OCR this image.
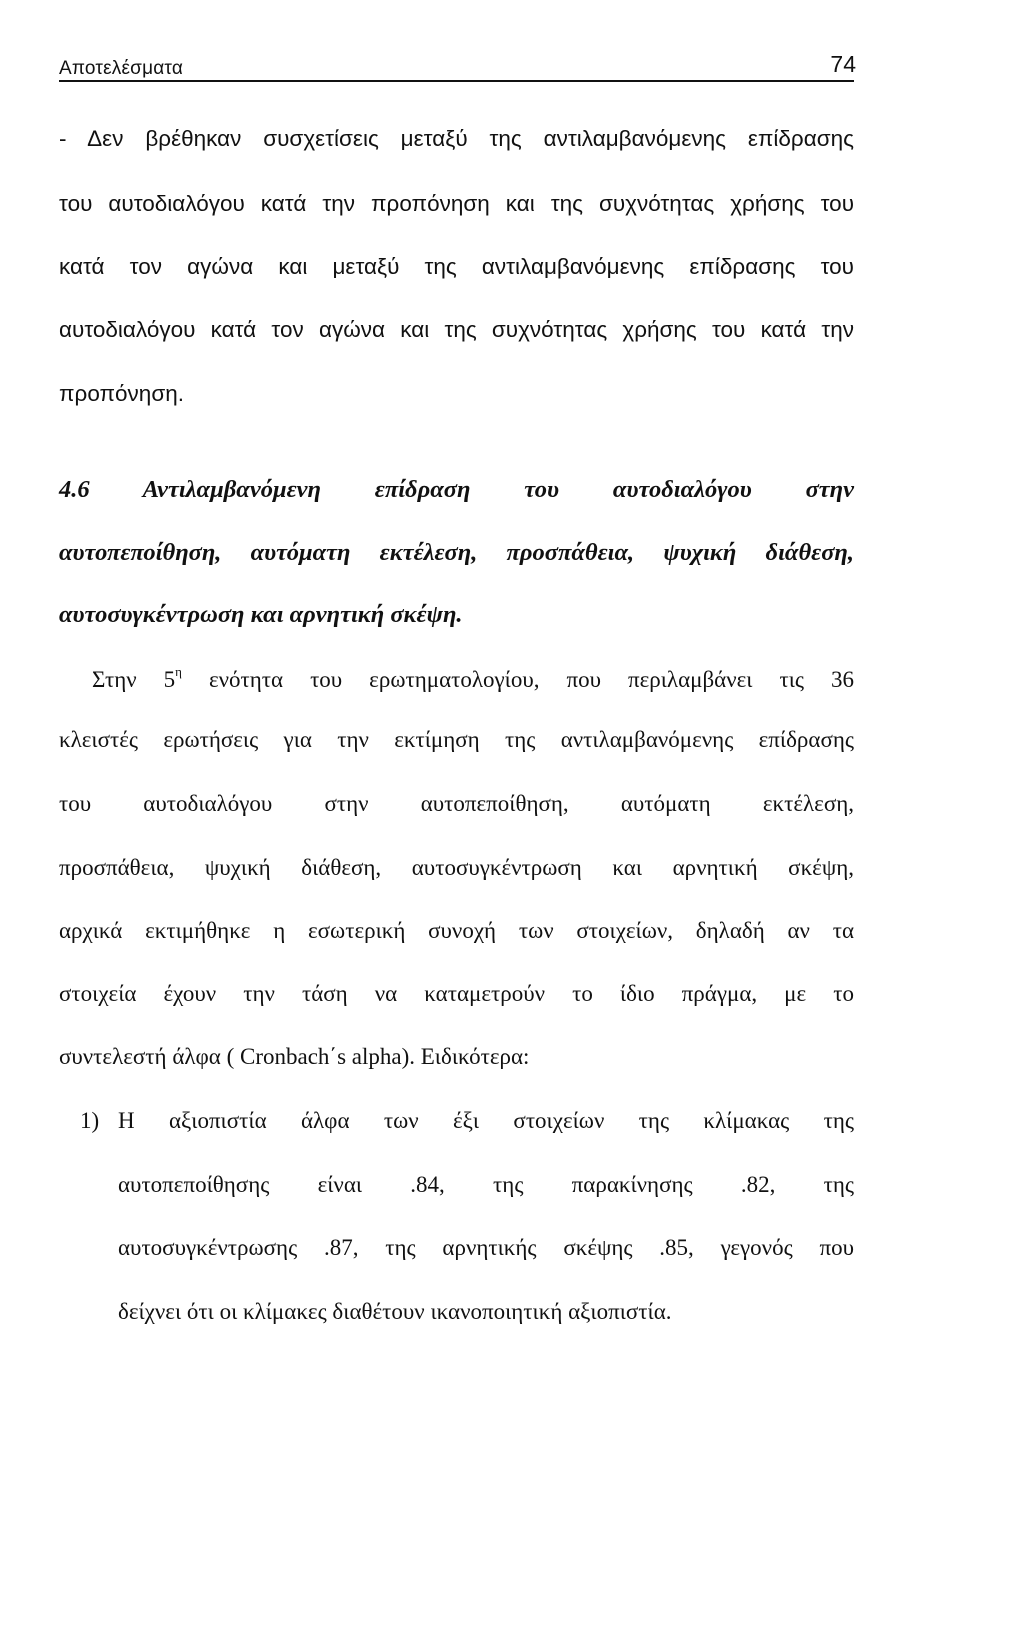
Αποτελέσματα	74
- Δεν βρέθηκαν συσχετίσεις μεταξύ της αντιλαμβανόμενης επίδρασης
του αυτοδιαλόγου κατά την προπόνηση και της συχνότητας χρήσης του
κατά τον αγώνα και μεταξύ της αντιλαμβανόμενης επίδρασης του
αυτοδιαλόγου κατά τον αγώνα και της συχνότητας χρήσης του κατά την
προπόνηση.
4.6 Αντιλαμβανόμενη επίδραση του αυτοδιαλόγου στην
αυτοπεποίθηση, αυτόματη εκτέλεση, προσπάθεια, ψυχική διάθεση,
αυτοσυγκέντρωση και αρνητική σκέψη.
Στην $5^\eta$ ενότητα του ερωτηματολογίου, που περιλαμβάνει τις 36
κλειστές ερωτήσεις για την εκτίμηση της αντιλαμβανόμενης επίδρασης
του αυτοδιαλόγου στην αυτοπεποίθηση, αυτόματη εκτέλεση,
προσπάθεια, ψυχική διάθεση, αυτοσυγκέντρωση και αρνητική σκέψη,
αρχικά εκτιμήθηκε η εσωτερική συνοχή των στοιχείων, δηλαδή αν τα
στοιχεία έχουν την τάση να καταμετρούν το ίδιο πράγμα, με το
συντελεστή άλφα ( Cronbach΄s alpha). Ειδικότερα:
1) Η αξιοπιστία άλφα των έξι στοιχείων της κλίμακας της
αυτοπεποίθησης είναι .84, της παρακίνησης .82, της
αυτοσυγκέντρωσης .87, της αρνητικής σκέψης .85, γεγονός που
δείχνει ότι οι κλίμακες διαθέτουν ικανοποιητική αξιοπιστία.
